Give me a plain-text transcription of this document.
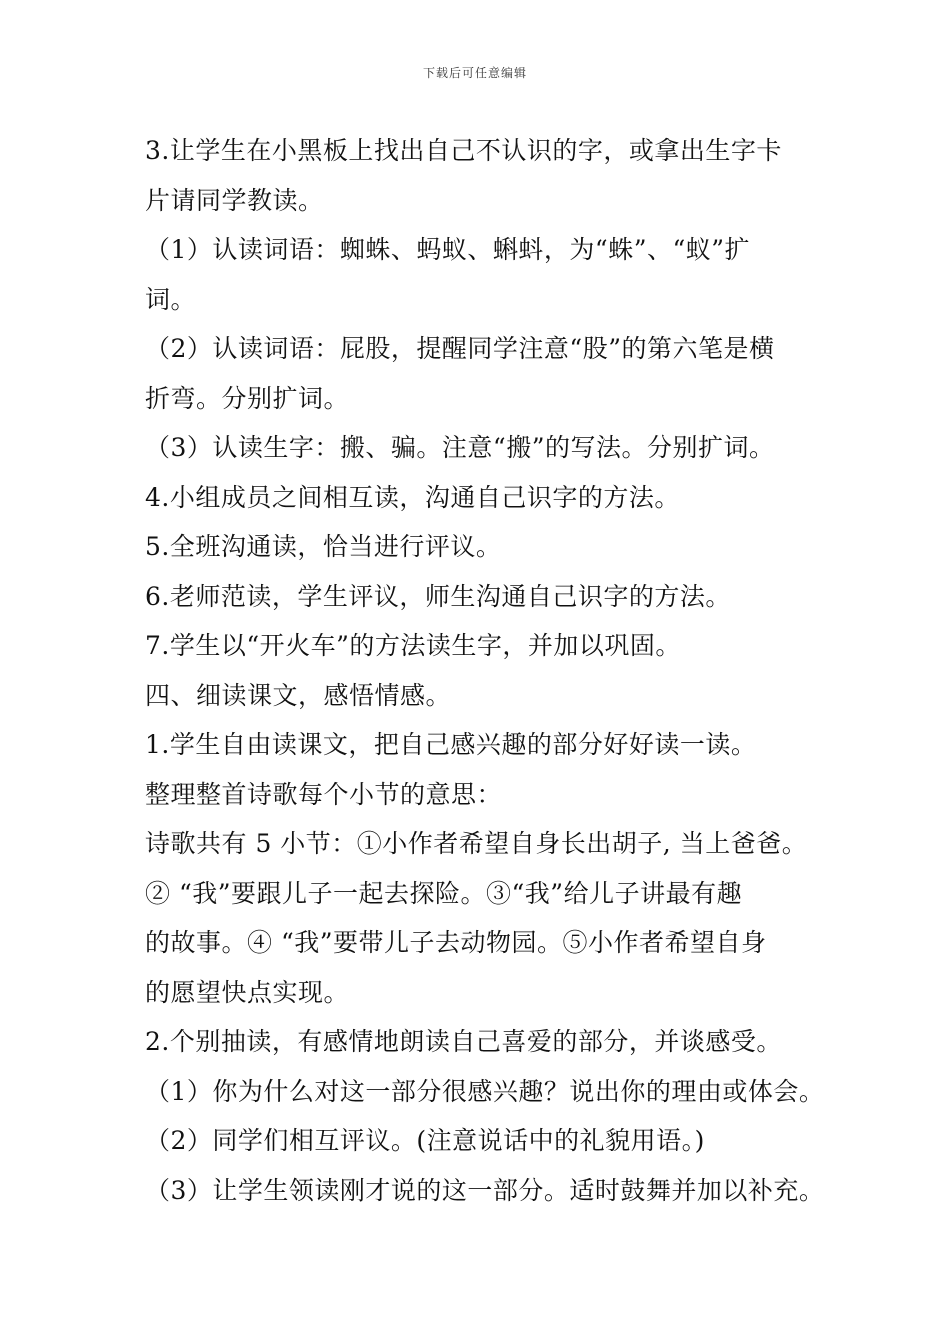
下载后可任意编辑
3.让学生在小黑板上找出自己不认识的字，或拿出生字卡
片请同学教读。
（1）认读词语：蜘蛛、蚂蚁、蝌蚪，为“蛛”、“蚁”扩
词。
（2）认读词语：屁股，提醒同学注意“股”的第六笔是横
折弯。分别扩词。
（3）认读生字：搬、骗。注意“搬”的写法。分别扩词。
4.小组成员之间相互读，沟通自己识字的方法。
5.全班沟通读，恰当进行评议。
6.老师范读，学生评议，师生沟通自己识字的方法。
7.学生以“开火车”的方法读生字，并加以巩固。
四、细读课文，感悟情感。
1.学生自由读课文，把自己感兴趣的部分好好读一读。
整理整首诗歌每个小节的意思：
诗歌共有 5 小节：①小作者希望自身长出胡子, 当上爸爸。
② “我”要跟儿子一起去探险。③“我”给儿子讲最有趣
的故事。④ “我”要带儿子去动物园。⑤小作者希望自身
的愿望快点实现。
2.个别抽读，有感情地朗读自己喜爱的部分，并谈感受。
（1）你为什么对这一部分很感兴趣？说出你的理由或体会。
（2）同学们相互评议。(注意说话中的礼貌用语。)
（3）让学生领读刚才说的这一部分。适时鼓舞并加以补充。
